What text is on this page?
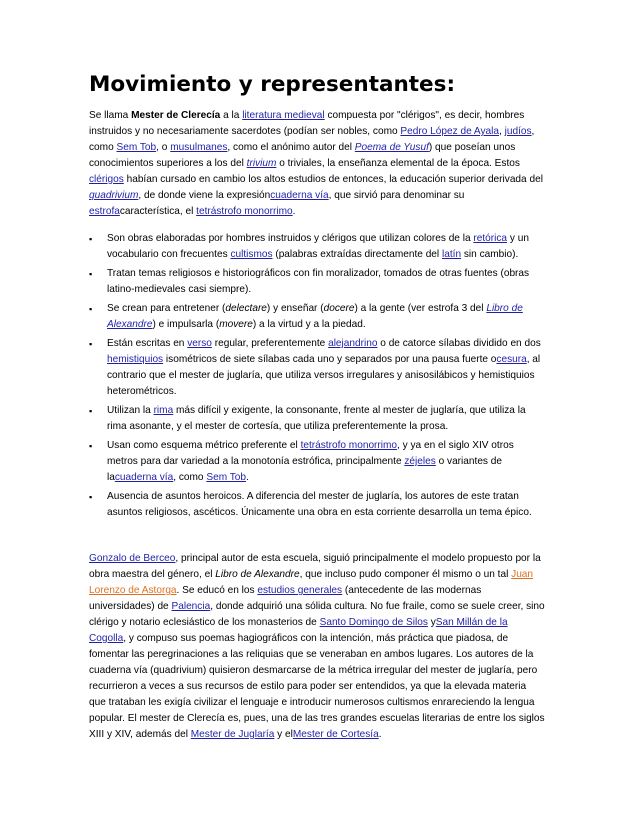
Movimiento y representantes:

Se llama Mester de Clerecía a la literatura medieval compuesta por "clérigos", es decir, hombres instruidos y no necesariamente sacerdotes (podían ser nobles, como Pedro López de Ayala, judíos, como Sem Tob, o musulmanes, como el anónimo autor del Poema de Yusuf) que poseían unos conocimientos superiores a los del trivium o triviales, la enseñanza elemental de la época. Estos clérigos habían cursado en cambio los altos estudios de entonces, la educación superior derivada del quadrivium, de donde viene la expresióncuaderna vía, que sirvió para denominar su estrofacaracterística, el tetrástrofo monorrimo.

▪ Son obras elaboradas por hombres instruidos y clérigos que utilizan colores de la retórica y un vocabulario con frecuentes cultismos (palabras extraídas directamente del latín sin cambio).
▪ Tratan temas religiosos e historiográficos con fin moralizador, tomados de otras fuentes (obras latino-medievales casi siempre).
▪ Se crean para entretener (delectare) y enseñar (docere) a la gente (ver estrofa 3 del Libro de Alexandre) e impulsarla (movere) a la virtud y a la piedad.
▪ Están escritas en verso regular, preferentemente alejandrino o de catorce sílabas dividido en dos hemistiquios isométricos de siete sílabas cada uno y separados por una pausa fuerte ocesura, al contrario que el mester de juglaría, que utiliza versos irregulares y anisosilábicos y hemistiquios heterométricos.
▪ Utilizan la rima más difícil y exigente, la consonante, frente al mester de juglaría, que utiliza la rima asonante, y el mester de cortesía, que utiliza preferentemente la prosa.
▪ Usan como esquema métrico preferente el tetrástrofo monorrimo, y ya en el siglo XIV otros metros para dar variedad a la monotonía estrófica, principalmente zéjeles o variantes de lacuaderna vía, como Sem Tob.
▪ Ausencia de asuntos heroicos. A diferencia del mester de juglaría, los autores de este tratan asuntos religiosos, ascéticos. Únicamente una obra en esta corriente desarrolla un tema épico.

Gonzalo de Berceo, principal autor de esta escuela, siguió principalmente el modelo propuesto por la obra maestra del género, el Libro de Alexandre, que incluso pudo componer él mismo o un tal Juan Lorenzo de Astorga. Se educó en los estudios generales (antecedente de las modernas universidades) de Palencia, donde adquirió una sólida cultura. No fue fraile, como se suele creer, sino clérigo y notario eclesiástico de los monasterios de Santo Domingo de Silos ySan Millán de la Cogolla, y compuso sus poemas hagiográficos con la intención, más práctica que piadosa, de fomentar las peregrinaciones a las reliquias que se veneraban en ambos lugares. Los autores de la cuaderna vía (quadrivium) quisieron desmarcarse de la métrica irregular del mester de juglaría, pero recurrieron a veces a sus recursos de estilo para poder ser entendidos, ya que la elevada materia que trataban les exigía civilizar el lenguaje e introducir numerosos cultismos enrareciendo la lengua popular. El mester de Clerecía es, pues, una de las tres grandes escuelas literarias de entre los siglos XIII y XIV, además del Mester de Juglaría y elMester de Cortesía.
